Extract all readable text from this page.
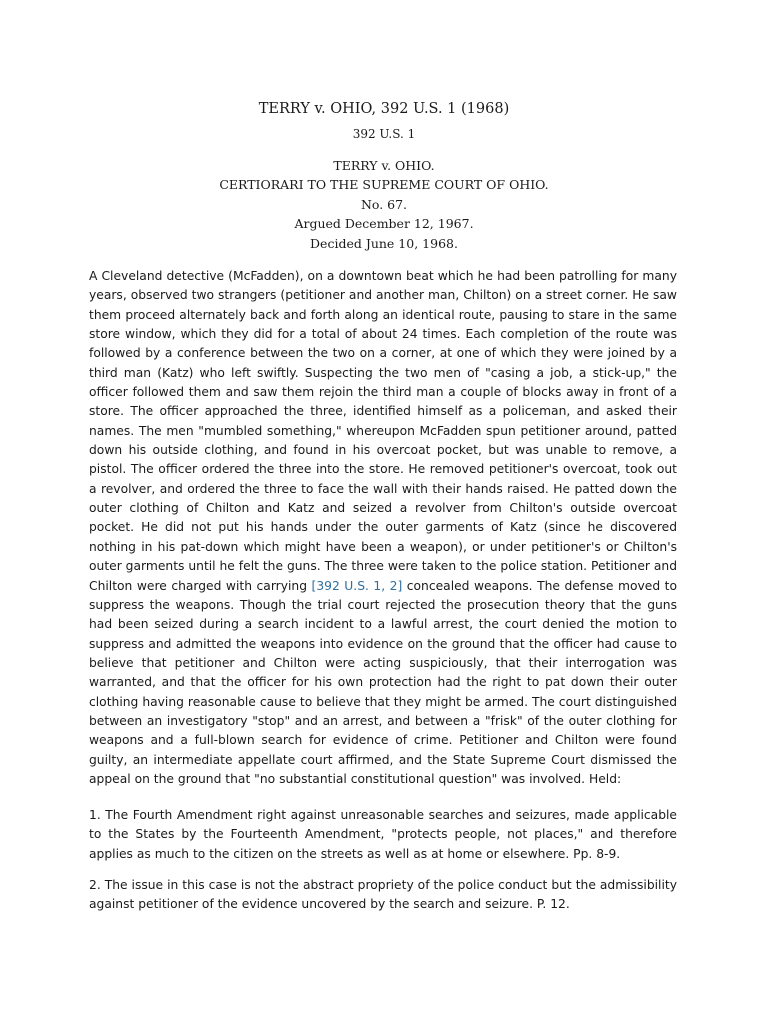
TERRY v. OHIO, 392 U.S. 1 (1968)
392 U.S. 1
TERRY v. OHIO.
CERTIORARI TO THE SUPREME COURT OF OHIO.
No. 67.
Argued December 12, 1967.
Decided June 10, 1968.

A Cleveland detective (McFadden), on a downtown beat which he had been patrolling for many years, observed two strangers (petitioner and another man, Chilton) on a street corner. He saw them proceed alternately back and forth along an identical route, pausing to stare in the same store window, which they did for a total of about 24 times. Each completion of the route was followed by a conference between the two on a corner, at one of which they were joined by a third man (Katz) who left swiftly. Suspecting the two men of "casing a job, a stick-up," the officer followed them and saw them rejoin the third man a couple of blocks away in front of a store. The officer approached the three, identified himself as a policeman, and asked their names. The men "mumbled something," whereupon McFadden spun petitioner around, patted down his outside clothing, and found in his overcoat pocket, but was unable to remove, a pistol. The officer ordered the three into the store. He removed petitioner's overcoat, took out a revolver, and ordered the three to face the wall with their hands raised. He patted down the outer clothing of Chilton and Katz and seized a revolver from Chilton's outside overcoat pocket. He did not put his hands under the outer garments of Katz (since he discovered nothing in his pat-down which might have been a weapon), or under petitioner's or Chilton's outer garments until he felt the guns. The three were taken to the police station. Petitioner and Chilton were charged with carrying [392 U.S. 1, 2] concealed weapons. The defense moved to suppress the weapons. Though the trial court rejected the prosecution theory that the guns had been seized during a search incident to a lawful arrest, the court denied the motion to suppress and admitted the weapons into evidence on the ground that the officer had cause to believe that petitioner and Chilton were acting suspiciously, that their interrogation was warranted, and that the officer for his own protection had the right to pat down their outer clothing having reasonable cause to believe that they might be armed. The court distinguished between an investigatory "stop" and an arrest, and between a "frisk" of the outer clothing for weapons and a full-blown search for evidence of crime. Petitioner and Chilton were found guilty, an intermediate appellate court affirmed, and the State Supreme Court dismissed the appeal on the ground that "no substantial constitutional question" was involved. Held:

1. The Fourth Amendment right against unreasonable searches and seizures, made applicable to the States by the Fourteenth Amendment, "protects people, not places," and therefore applies as much to the citizen on the streets as well as at home or elsewhere. Pp. 8-9.

2. The issue in this case is not the abstract propriety of the police conduct but the admissibility against petitioner of the evidence uncovered by the search and seizure. P. 12.
